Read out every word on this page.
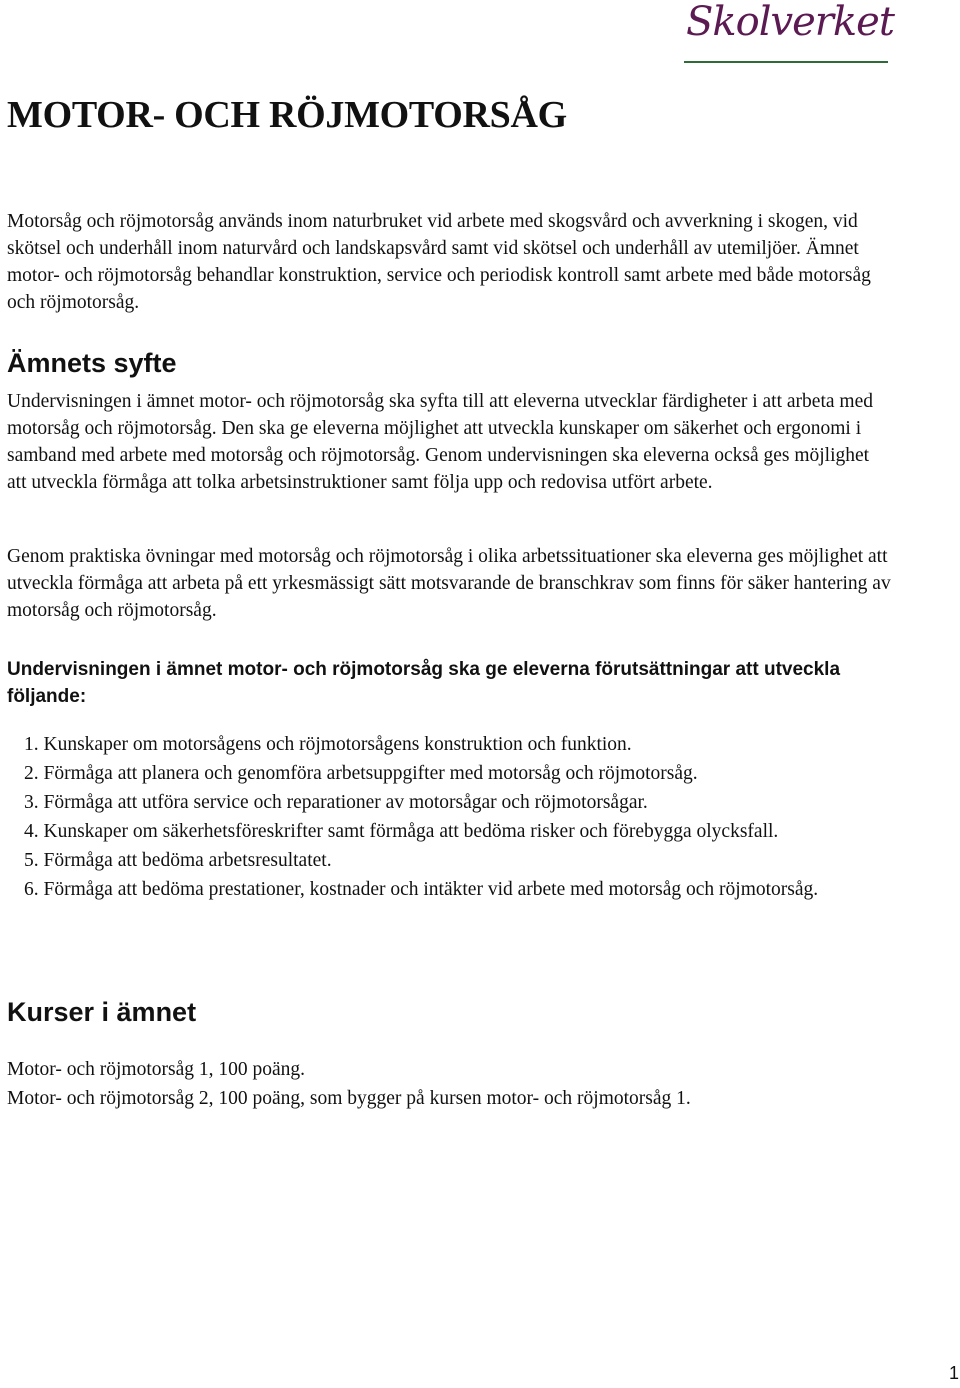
Skolverket
MOTOR- OCH RÖJMOTORSÅG

Motorsåg och röjmotorsåg används inom naturbruket vid arbete med skogsvård och avverkning i skogen, vid skötsel och underhåll inom naturvård och landskapsvård samt vid skötsel och underhåll av utemiljöer. Ämnet motor- och röjmotorsåg behandlar konstruktion, service och periodisk kontroll samt arbete med både motorsåg och röjmotorsåg.

Ämnets syfte

Undervisningen i ämnet motor- och röjmotorsåg ska syfta till att eleverna utvecklar färdigheter i att arbeta med motorsåg och röjmotorsåg. Den ska ge eleverna möjlighet att utveckla kunskaper om säkerhet och ergonomi i samband med arbete med motorsåg och röjmotorsåg. Genom undervisningen ska eleverna också ges möjlighet att utveckla förmåga att tolka arbetsinstruktioner samt följa upp och redovisa utfört arbete.

Genom praktiska övningar med motorsåg och röjmotorsåg i olika arbetssituationer ska eleverna ges möjlighet att utveckla förmåga att arbeta på ett yrkesmässigt sätt motsvarande de branschkrav som finns för säker hantering av motorsåg och röjmotorsåg.

Undervisningen i ämnet motor- och röjmotorsåg ska ge eleverna förutsättningar att utveckla följande:
1. Kunskaper om motorsågens och röjmotorsågens konstruktion och funktion.
2. Förmåga att planera och genomföra arbetsuppgifter med motorsåg och röjmotorsåg.
3. Förmåga att utföra service och reparationer av motorsågar och röjmotorsågar.
4. Kunskaper om säkerhetsföreskrifter samt förmåga att bedöma risker och förebygga olycksfall.
5. Förmåga att bedöma arbetsresultatet.
6. Förmåga att bedöma prestationer, kostnader och intäkter vid arbete med motorsåg och röjmotorsåg.
Kurser i ämnet
Motor- och röjmotorsåg 1, 100 poäng.
Motor- och röjmotorsåg 2, 100 poäng, som bygger på kursen motor- och röjmotorsåg 1.
1
